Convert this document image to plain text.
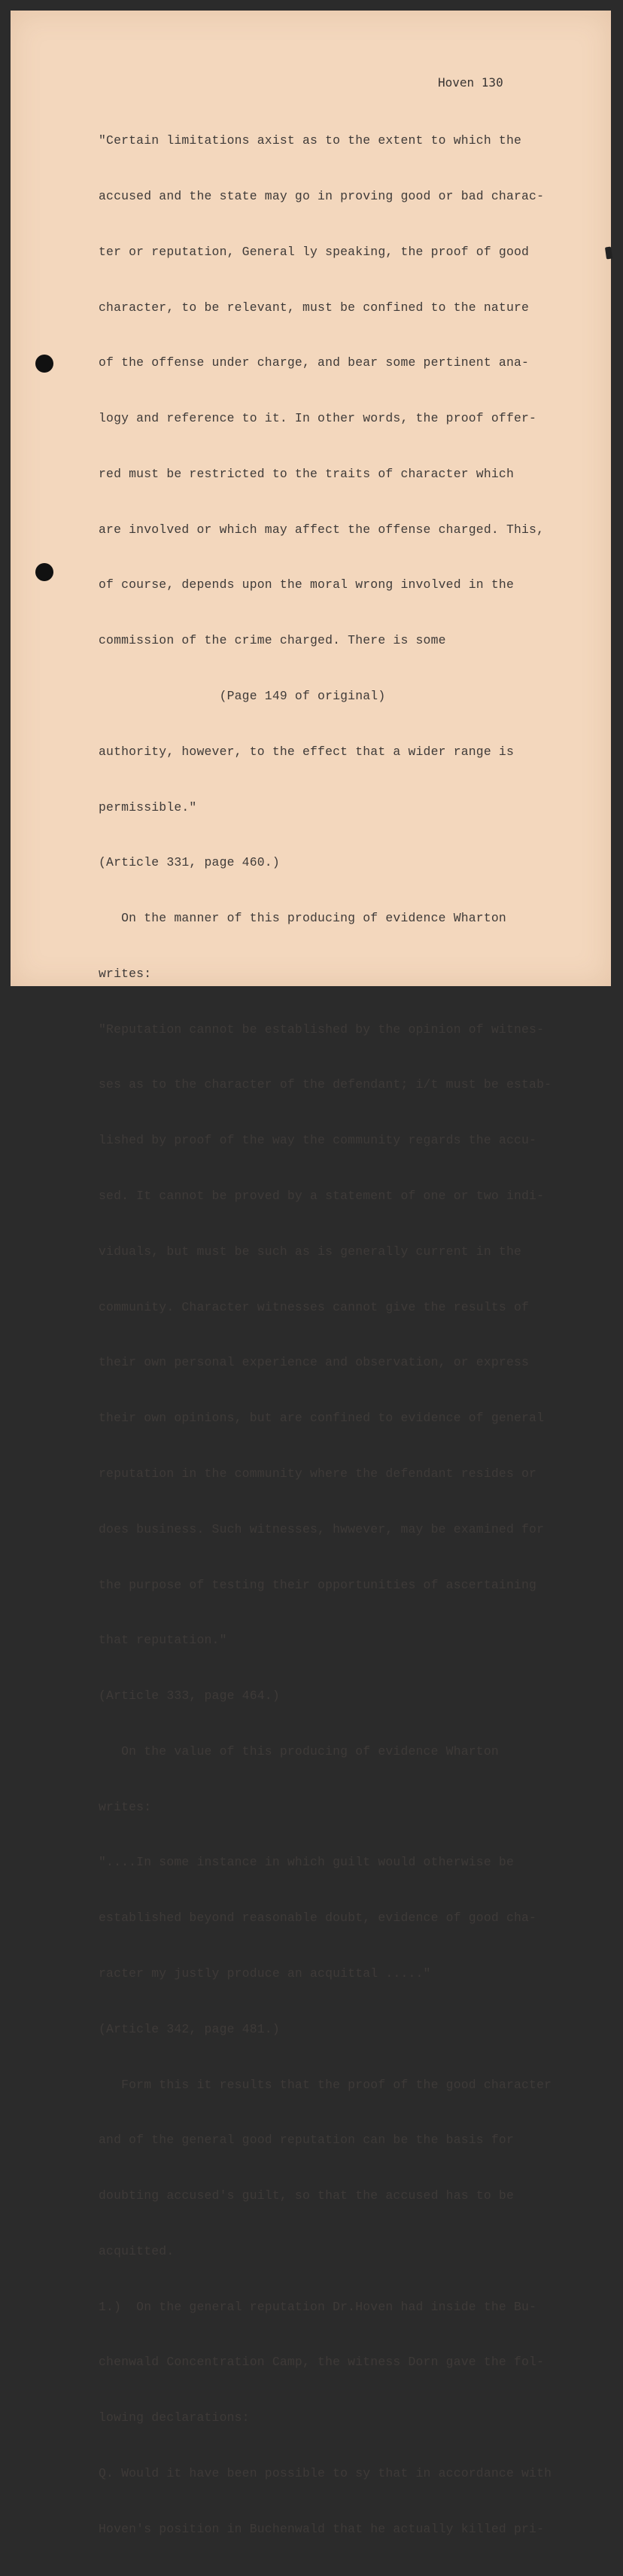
Hoven 130

"Certain limitations axist as to the extent to which the

accused and the state may go in proving good or bad charac-

ter or reputation, General ly speaking, the proof of good

character, to be relevant, must be confined to the nature

of the offense under charge, and bear some pertinent ana-

logy and reference to it. In other words, the proof offer-

red must be restricted to the traits of character which

are involved or which may affect the offense charged. This,

of course, depends upon the moral wrong involved in the

commission of the crime charged. There is some

(Page 149 of original)

authority, however, to the effect that a wider range is

permissible."

(Article 331, page 460.)

On the manner of this producing of evidence Wharton

writes:

"Reputation cannot be established by the opinion of witnes-

ses as to the character of the defendant; i/t must be estab-

lished by proof of the way the community regards the accu-

sed. It cannot be proved by a statement of one or two indi-

viduals, but must be such as is generally current in the

community. Character witnesses cannot give the results of

their own personal experience and observation, or express

their own opinions, but are confined to evidence of general

reputation in the community where the defendant resides or

does business. Such witnesses, hwwever, may be examined for

the purpose of testing their opportunities of ascertaining

that reputation."

(Article 333, page 464.)

On the value of this producing of evidence Wharton

writes:

"....In some instance in which guilt would otherwise be

established beyond reasonable doubt, evidence of good cha-

racter my justly produce an acquittal ....."

(Article 342, page 481.)

Form this it results that the proof of the good character

and of the general good reputation can be the basis for

doubting accused's guilt, so that the accused has to be

acquitted.

1.)  On the general reputation Dr.Hoven had inside the Bu-

chenwald Concentration Camp, the witness Dorn gave the fol-

lowing declarations:

Q. Would it have been possible to sy that in accordance with

Hoven's position in Buchenwald that he actually killed pri-
